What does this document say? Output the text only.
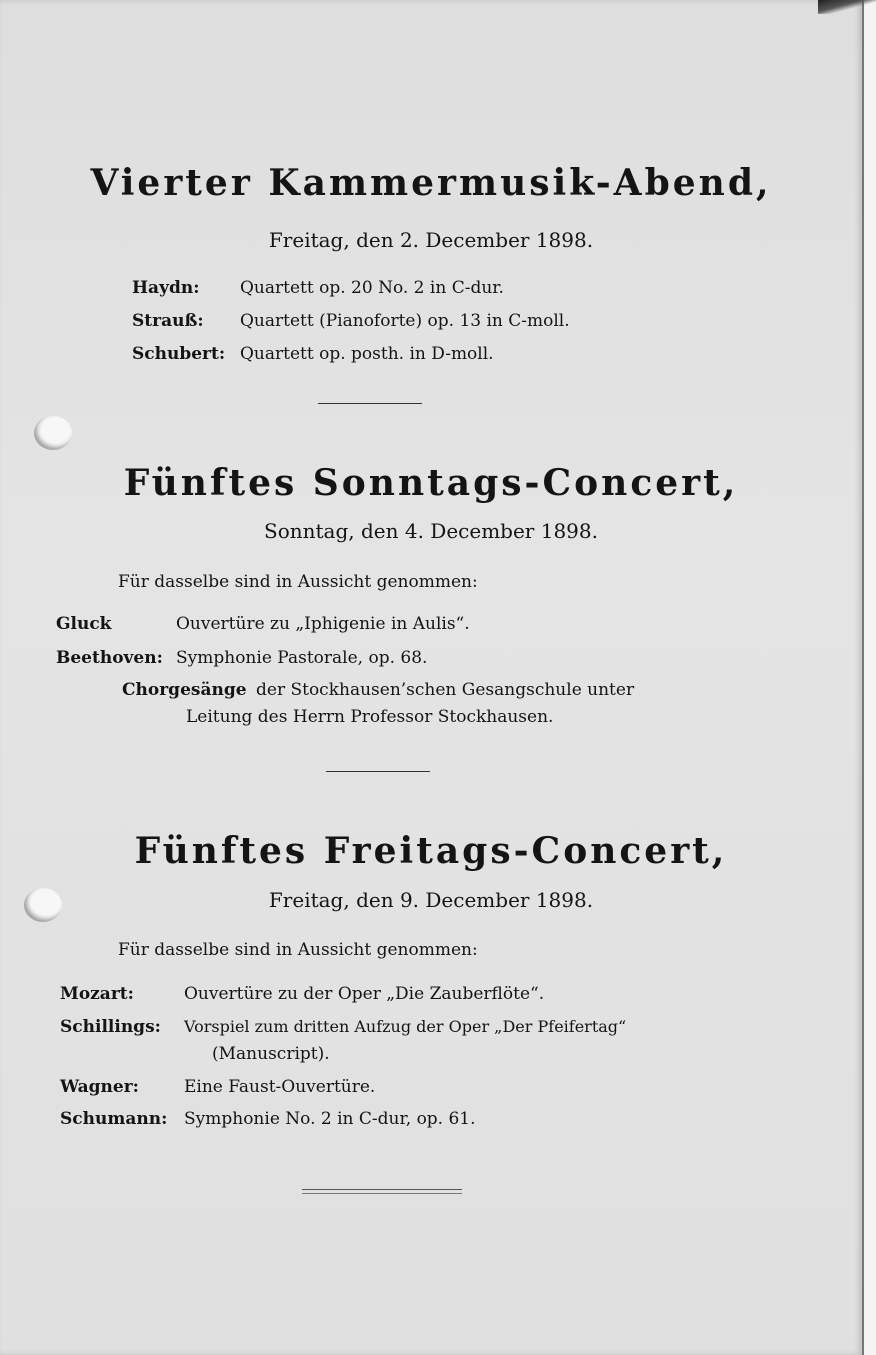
Vierter Kammermusik-Abend,
Freitag, den 2. December 1898.
Haydn: Quartett op. 20 No. 2 in C-dur.
Strauß: Quartett (Pianoforte) op. 13 in C-moll.
Schubert: Quartett op. posth. in D-moll.
Fünftes Sonntags-Concert,
Sonntag, den 4. December 1898.
Für dasselbe sind in Aussicht genommen:
Gluck	Ouvertüre zu „Iphigenie in Aulis“.
Beethoven: Symphonie Pastorale, op. 68.
Chorgesänge der Stockhausen’schen Gesangschule unter
Leitung des Herrn Professor Stockhausen.
Fünftes Freitags-Concert,
Freitag, den 9. December 1898.
Für dasselbe sind in Aussicht genommen:
Mozart:	Ouvertüre zu der Oper „Die Zauberflöte“.
Schillings: Vorspiel zum dritten Aufzug der Oper „Der Pfeifertag“
(Manuscript).
Wagner:	Eine Faust-Ouvertüre.
Schumann: Symphonie No. 2 in C-dur, op. 61.
